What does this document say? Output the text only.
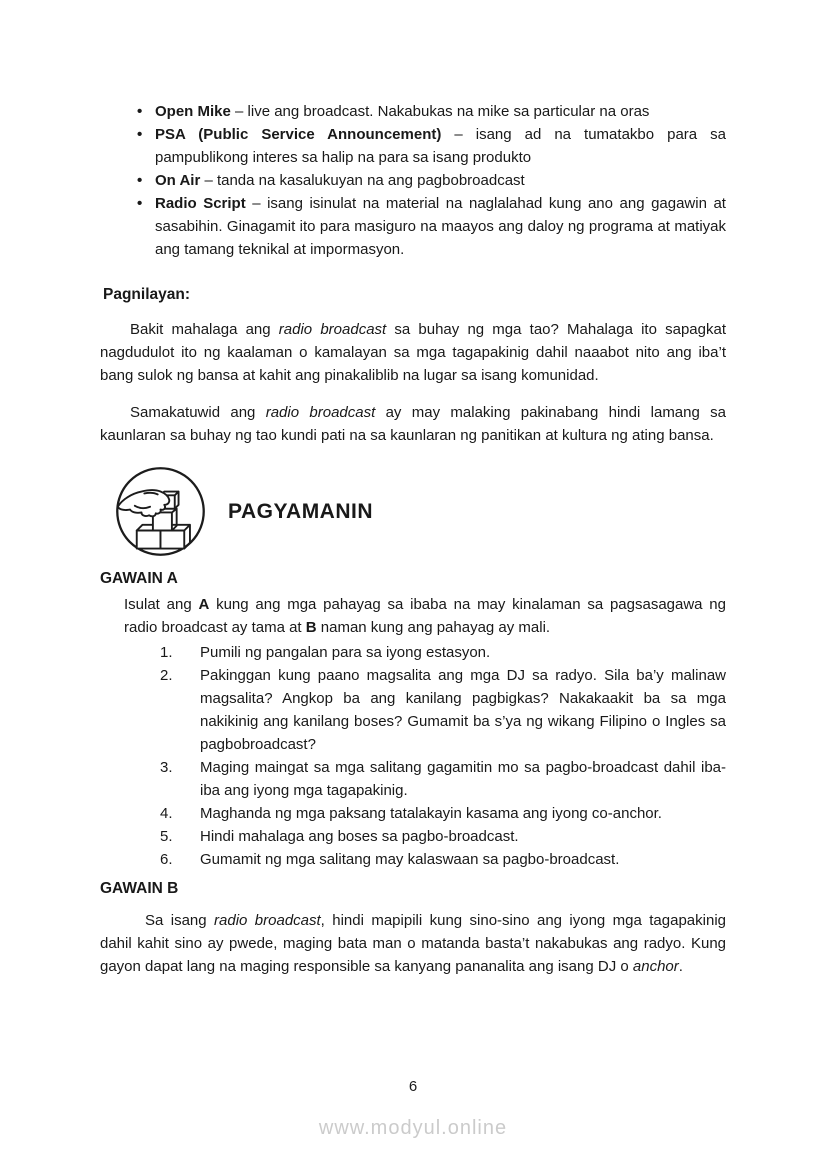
• Open Mike – live ang broadcast. Nakabukas na mike sa particular na oras
• PSA (Public Service Announcement) – isang ad na tumatakbo para sa pampublikong interes sa halip na para sa isang produkto
• On Air – tanda na kasalukuyan na ang pagbobroadcast
• Radio Script – isang isinulat na material na naglalahad kung ano ang gagawin at sasabihin. Ginagamit ito para masiguro na maayos ang daloy ng programa at matiyak ang tamang teknikal at impormasyon.
Pagnilayan:

Bakit mahalaga ang radio broadcast sa buhay ng mga tao? Mahalaga ito sapagkat nagdudulot ito ng kaalaman o kamalayan sa mga tagapakinig dahil naaabot nito ang iba’t bang sulok ng bansa at kahit ang pinakaliblib na lugar sa isang komunidad.

Samakatuwid ang radio broadcast ay may malaking pakinabang hindi lamang sa kaunlaran sa buhay ng tao kundi pati na sa kaunlaran ng panitikan at kultura ng ating bansa.

PAGYAMANIN
GAWAIN A

Isulat ang A kung ang mga pahayag sa ibaba na may kinalaman sa pagsasagawa ng radio broadcast ay tama at B naman kung ang pahayag ay mali.

1. Pumili ng pangalan para sa iyong estasyon.
2. Pakinggan kung paano magsalita ang mga DJ sa radyo. Sila ba’y malinaw magsalita? Angkop ba ang kanilang pagbigkas? Nakakaakit ba sa mga nakikinig ang kanilang boses? Gumamit ba s’ya ng wikang Filipino o Ingles sa pagbobroadcast?
3. Maging maingat sa mga salitang gagamitin mo sa pagbo-broadcast dahil iba-iba ang iyong mga tagapakinig.
4. Maghanda ng mga paksang tatalakayin kasama ang iyong co-anchor.
5. Hindi mahalaga ang boses sa pagbo-broadcast.
6. Gumamit ng mga salitang may kalaswaan sa pagbo-broadcast.
GAWAIN B

Sa isang radio broadcast, hindi mapipili kung sino-sino ang iyong mga tagapakinig dahil kahit sino ay pwede, maging bata man o matanda basta’t nakabukas ang radyo. Kung gayon dapat lang na maging responsible sa kanyang pananalita ang isang DJ o anchor.

6
www.modyul.online
